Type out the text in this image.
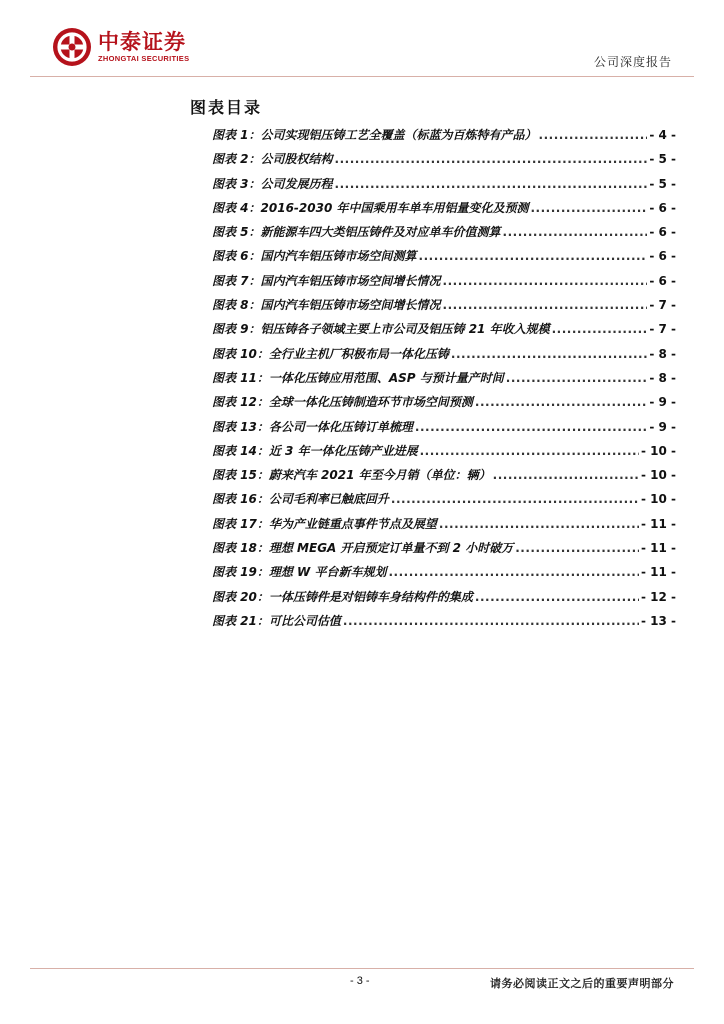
中泰证券
ZHONGTAI SECURITIES	公司深度报告
图表目录
图表 1：公司实现铝压铸工艺全覆盖（标蓝为百炼特有产品） .....	- 4 -
图表 2：公司股权结构 .....	- 5 -
图表 3：公司发展历程 .....	- 5 -
图表 4：2016-2030 年中国乘用车单车用铝量变化及预测 .....	- 6 -
图表 5：新能源车四大类铝压铸件及对应单车价值测算 .....	- 6 -
图表 6：国内汽车铝压铸市场空间测算 .....	- 6 -
图表 7：国内汽车铝压铸市场空间增长情况 .....	- 6 -
图表 8：国内汽车铝压铸市场空间增长情况 .....	- 7 -
图表 9：铝压铸各子领域主要上市公司及铝压铸 21 年收入规模 .....	- 7 -
图表 10：全行业主机厂积极布局一体化压铸 .....	- 8 -
图表 11：一体化压铸应用范围、ASP 与预计量产时间 .....	- 8 -
图表 12：全球一体化压铸制造环节市场空间预测 .....	- 9 -
图表 13：各公司一体化压铸订单梳理 .....	- 9 -
图表 14：近 3 年一体化压铸产业进展 .....	- 10 -
图表 15：蔚来汽车 2021 年至今月销（单位：辆） .....	- 10 -
图表 16：公司毛利率已触底回升 .....	- 10 -
图表 17：华为产业链重点事件节点及展望 .....	- 11 -
图表 18：理想 MEGA 开启预定订单量不到 2 小时破万 .....	- 11 -
图表 19：理想 W 平台新车规划 .....	- 11 -
图表 20：一体压铸件是对铝铸车身结构件的集成 .....	- 12 -
图表 21：可比公司估值 .....	- 13 -
- 3 -	请务必阅读正文之后的重要声明部分
